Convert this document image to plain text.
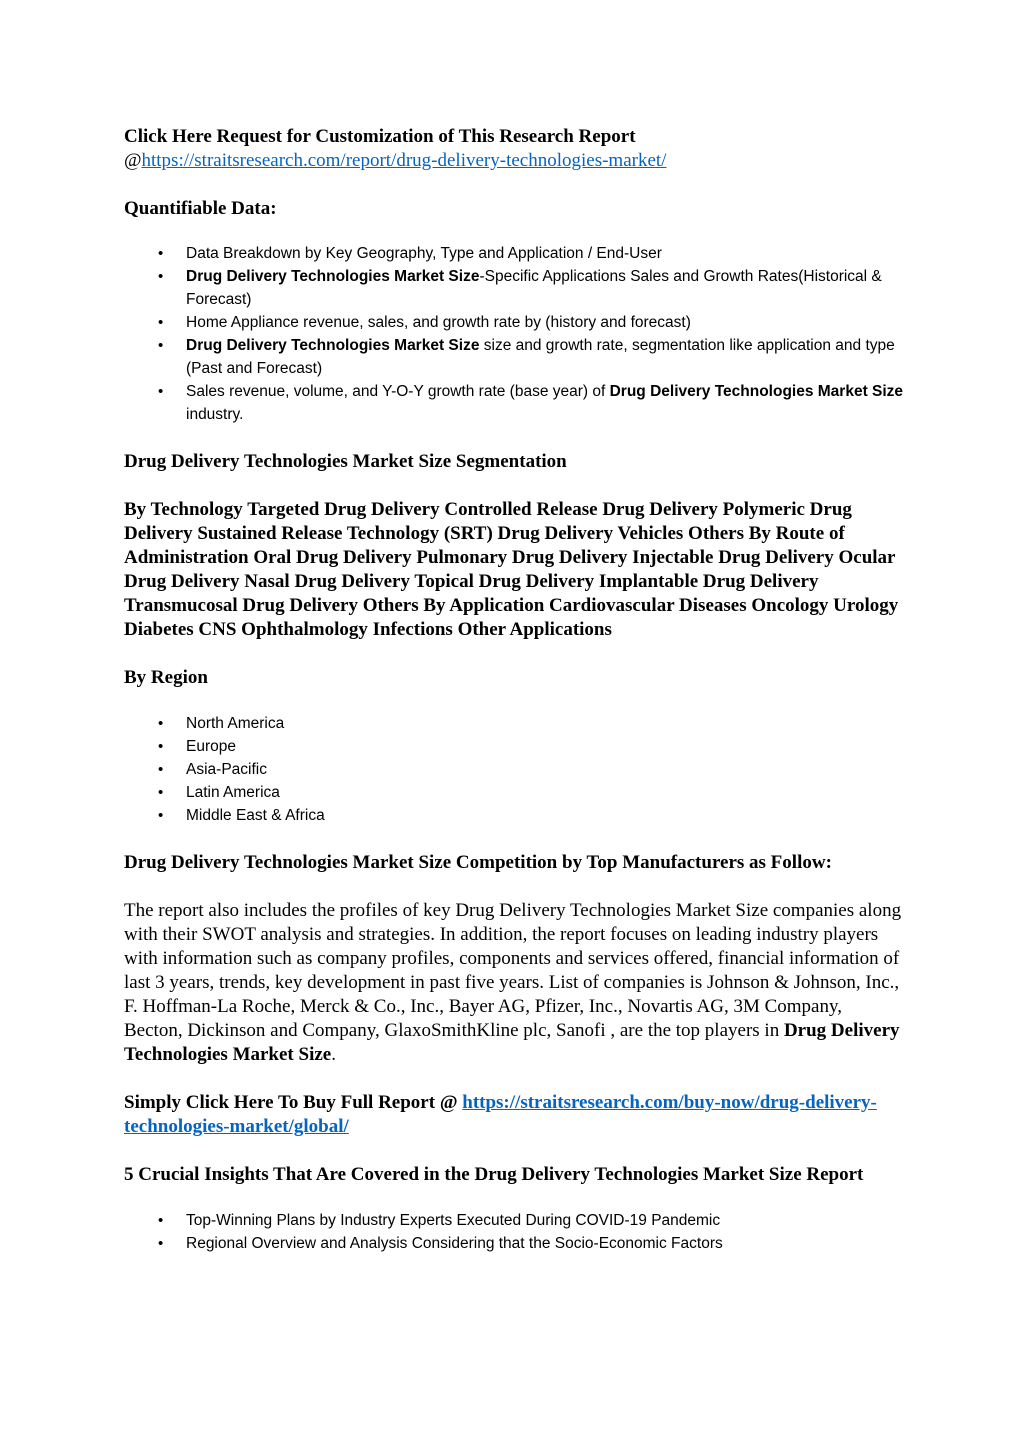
Click Here Request for Customization of This Research Report

@https://straitsresearch.com/report/drug-delivery-technologies-market/

Quantifiable Data:

• Data Breakdown by Key Geography, Type and Application / End-User
• Drug Delivery Technologies Market Size-Specific Applications Sales and Growth Rates(Historical & Forecast)
• Home Appliance revenue, sales, and growth rate by (history and forecast)
• Drug Delivery Technologies Market Size size and growth rate, segmentation like application and type (Past and Forecast)
• Sales revenue, volume, and Y-O-Y growth rate (base year) of Drug Delivery Technologies Market Size industry.

Drug Delivery Technologies Market Size Segmentation

By Technology Targeted Drug Delivery Controlled Release Drug Delivery Polymeric Drug Delivery Sustained Release Technology (SRT) Drug Delivery Vehicles Others By Route of Administration Oral Drug Delivery Pulmonary Drug Delivery Injectable Drug Delivery Ocular Drug Delivery Nasal Drug Delivery Topical Drug Delivery Implantable Drug Delivery Transmucosal Drug Delivery Others By Application Cardiovascular Diseases Oncology Urology Diabetes CNS Ophthalmology Infections Other Applications

By Region

• North America
• Europe
• Asia-Pacific
• Latin America
• Middle East & Africa

Drug Delivery Technologies Market Size Competition by Top Manufacturers as Follow:

The report also includes the profiles of key Drug Delivery Technologies Market Size companies along with their SWOT analysis and strategies. In addition, the report focuses on leading industry players with information such as company profiles, components and services offered, financial information of last 3 years, trends, key development in past five years. List of companies is Johnson & Johnson, Inc., F. Hoffman-La Roche, Merck & Co., Inc., Bayer AG, Pfizer, Inc., Novartis AG, 3M Company, Becton, Dickinson and Company, GlaxoSmithKline plc, Sanofi , are the top players in Drug Delivery Technologies Market Size.

Simply Click Here To Buy Full Report @ https://straitsresearch.com/buy-now/drug-delivery-technologies-market/global/

5 Crucial Insights That Are Covered in the Drug Delivery Technologies Market Size Report

• Top-Winning Plans by Industry Experts Executed During COVID-19 Pandemic
• Regional Overview and Analysis Considering that the Socio-Economic Factors
